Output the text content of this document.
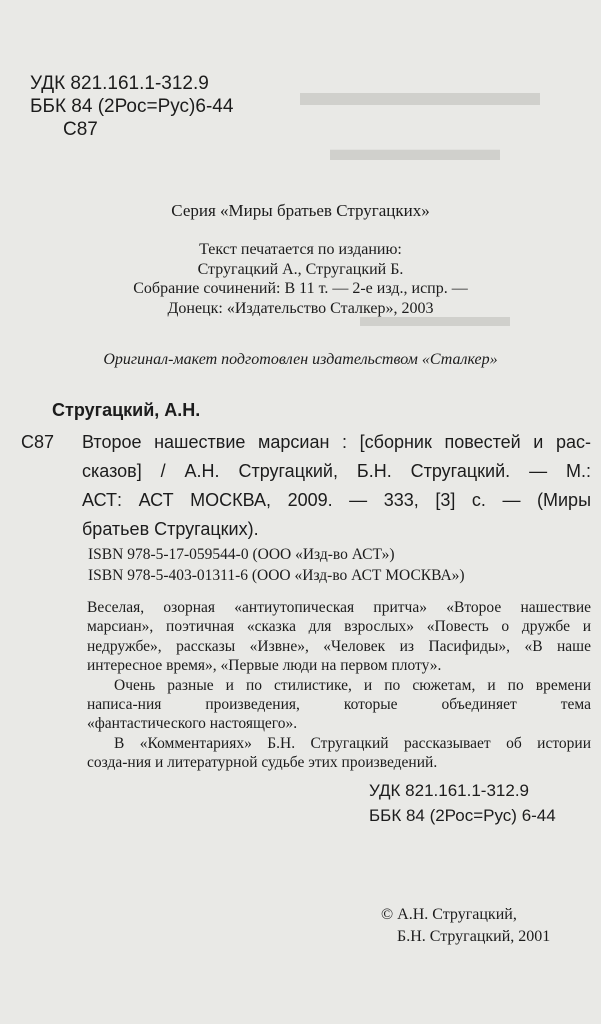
▬▬▬▬▬▬
▬▬▬▬▬
▬▬▬▬▬
УДК 821.161.1-312.9
ББК 84 (2Рос=Рус)6-44
С87
Серия «Миры братьев Стругацких»
Текст печатается по изданию:
Стругацкий А., Стругацкий Б.
Собрание сочинений: В 11 т. — 2-е изд., испр. —
Донецк: «Издательство Сталкер», 2003
Оригинал-макет подготовлен издательством «Сталкер»
Стругацкий, А.Н.
С87	Второе нашествие марсиан : [сборник повестей и рас-
сказов] / А.Н. Стругацкий, Б.Н. Стругацкий. — М.:
АСТ: АСТ МОСКВА, 2009. — 333, [3] с. — (Миры
братьев Стругацких).
ISBN 978-5-17-059544-0 (ООО «Изд-во АСТ»)
ISBN 978-5-403-01311-6 (ООО «Изд-во АСТ МОСКВА»)
Веселая, озорная «антиутопическая притча» «Второе нашествие
марсиан», поэтичная «сказка для взрослых» «Повесть о дружбе и
недружбе», рассказы «Извне», «Человек из Пасифиды», «В наше
интересное время», «Первые люди на первом плоту».
Очень разные и по стилистике, и по сюжетам, и по времени
написа-ния	произведения,	которые	объединяет	тема
«фантастического настоящего».
В «Комментариях» Б.Н. Стругацкий рассказывает об истории
созда-ния и литературной судьбе этих произведений.
УДК 821.161.1-312.9
ББК 84 (2Рос=Рус) 6-44
© А.Н. Стругацкий,
Б.Н. Стругацкий, 2001
